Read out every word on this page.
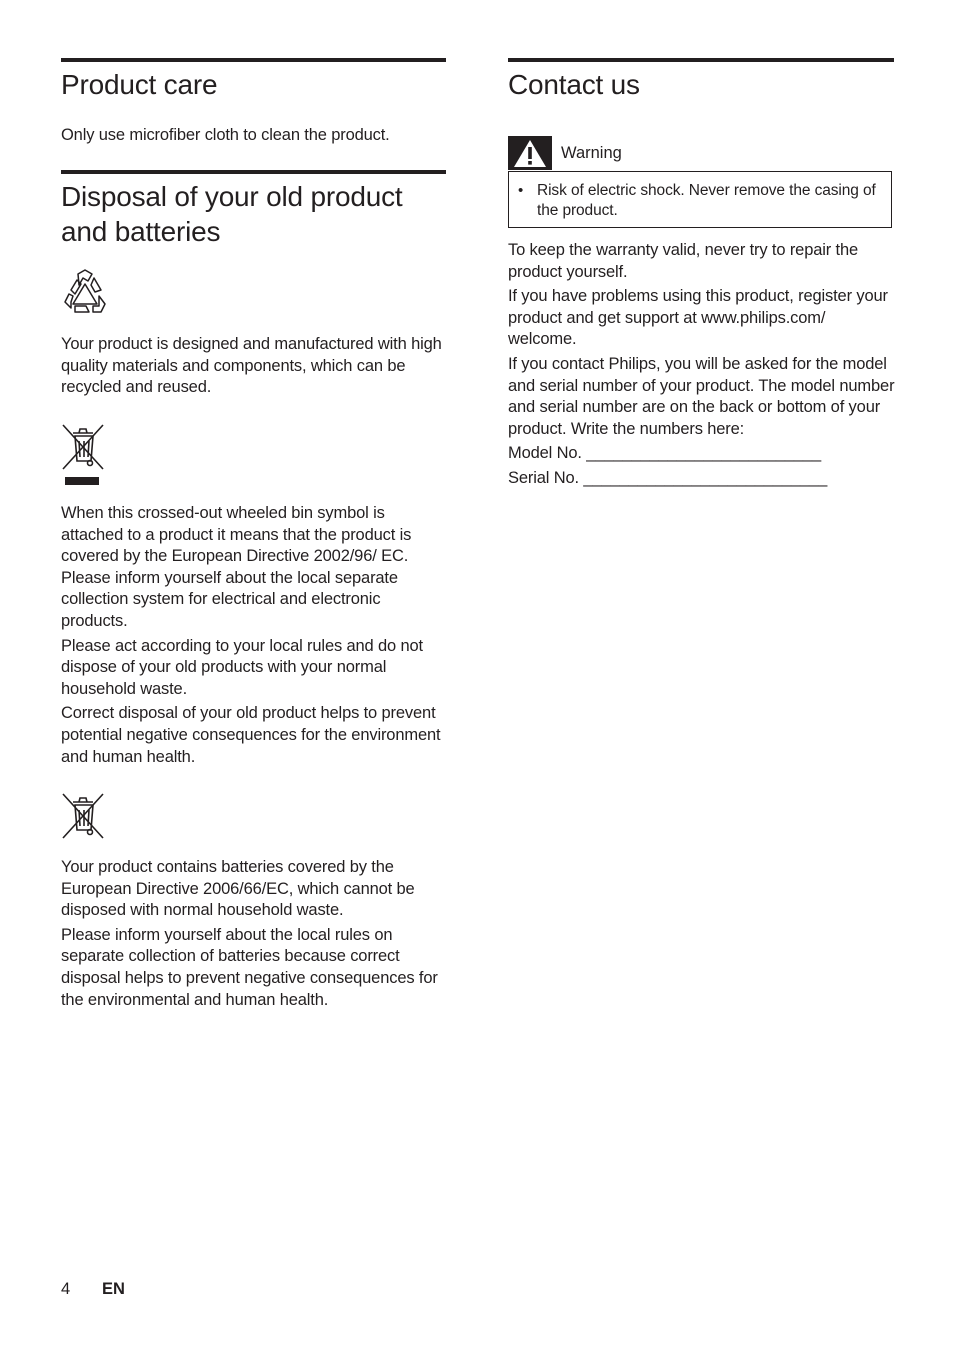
Product care

Only use microfiber cloth to clean the product.

Disposal of your old product
and batteries

Your product is designed and manufactured with high quality materials and components, which can be recycled and reused.

When this crossed-out wheeled bin symbol is attached to a product it means that the product is covered by the European Directive 2002/96/ EC. Please inform yourself about the local separate collection system for electrical and electronic products.

Please act according to your local rules and do not dispose of your old products with your normal household waste.

Correct disposal of your old product helps to prevent potential negative consequences for the environment and human health.

Your product contains batteries covered by the European Directive 2006/66/EC, which cannot be disposed with normal household waste.

Please inform yourself about the local rules on separate collection of batteries because correct disposal helps to prevent negative consequences for the environmental and human health.

Contact us
Warning
• Risk of electric shock. Never remove the casing of the product.

To keep the warranty valid, never try to repair the product yourself.

If you have problems using this product, register your product and get support at www.philips.com/ welcome.

If you contact Philips, you will be asked for the model and serial number of your product. The model number and serial number are on the back or bottom of your product. Write the numbers here:

Model No. __________________________

Serial No. ___________________________

4 EN
